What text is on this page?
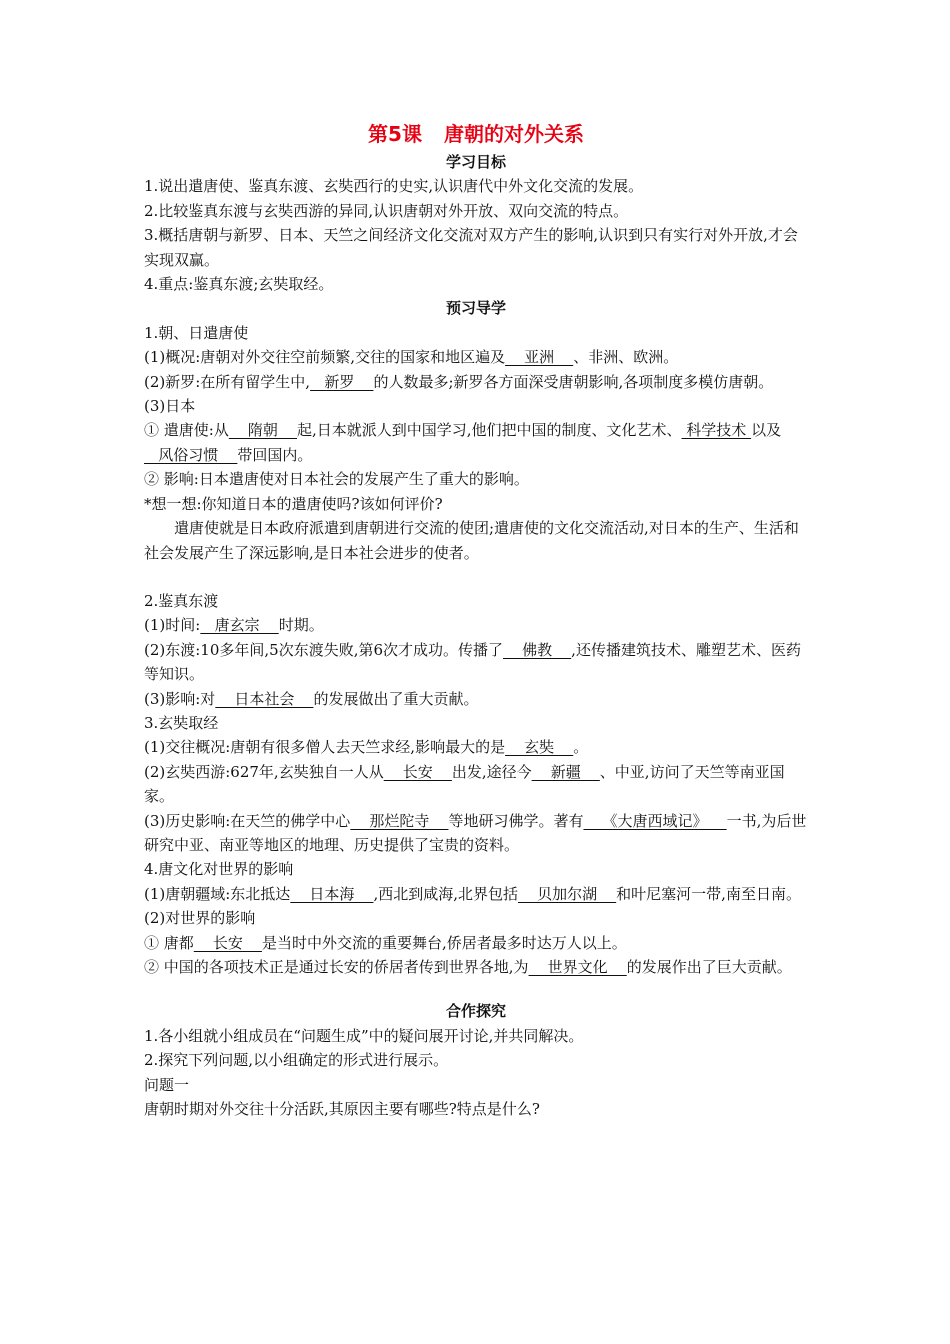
第5课 唐朝的对外关系
学习目标

1.说出遣唐使、鉴真东渡、玄奘西行的史实,认识唐代中外文化交流的发展。

2.比较鉴真东渡与玄奘西游的异同,认识唐朝对外开放、双向交流的特点。

3.概括唐朝与新罗、日本、天竺之间经济文化交流对双方产生的影响,认识到只有实行对外开放,才会实现双赢。

4.重点:鉴真东渡;玄奘取经。

预习导学

1.朝、日遣唐使

(1)概况:唐朝对外交往空前频繁,交往的国家和地区遍及    亚洲    、非洲、欧洲。

(2)新罗:在所有留学生中,   新罗    的人数最多;新罗各方面深受唐朝影响,各项制度多模仿唐朝。

(3)日本

① 遣唐使:从    隋朝    起,日本就派人到中国学习,他们把中国的制度、文化艺术、 科学技术 以及   风俗习惯    带回国内。

② 影响:日本遣唐使对日本社会的发展产生了重大的影响。

*想一想:你知道日本的遣唐使吗?该如何评价?

遣唐使就是日本政府派遣到唐朝进行交流的使团;遣唐使的文化交流活动,对日本的生产、生活和社会发展产生了深远影响,是日本社会进步的使者。

2.鉴真东渡

(1)时间:   唐玄宗    时期。

(2)东渡:10多年间,5次东渡失败,第6次才成功。传播了    佛教    ,还传播建筑技术、雕塑艺术、医药等知识。

(3)影响:对    日本社会    的发展做出了重大贡献。

3.玄奘取经

(1)交往概况:唐朝有很多僧人去天竺求经,影响最大的是    玄奘    。

(2)玄奘西游:627年,玄奘独自一人从    长安    出发,途径今    新疆    、中亚,访问了天竺等南亚国家。

(3)历史影响:在天竺的佛学中心    那烂陀寺    等地研习佛学。著有    《大唐西域记》    一书,为后世研究中亚、南亚等地区的地理、历史提供了宝贵的资料。

4.唐文化对世界的影响

(1)唐朝疆域:东北抵达    日本海    ,西北到咸海,北界包括    贝加尔湖    和叶尼塞河一带,南至日南。

(2)对世界的影响

① 唐都    长安    是当时中外交流的重要舞台,侨居者最多时达万人以上。

② 中国的各项技术正是通过长安的侨居者传到世界各地,为    世界文化    的发展作出了巨大贡献。

合作探究

1.各小组就小组成员在“问题生成”中的疑问展开讨论,并共同解决。

2.探究下列问题,以小组确定的形式进行展示。

问题一

唐朝时期对外交往十分活跃,其原因主要有哪些?特点是什么?
